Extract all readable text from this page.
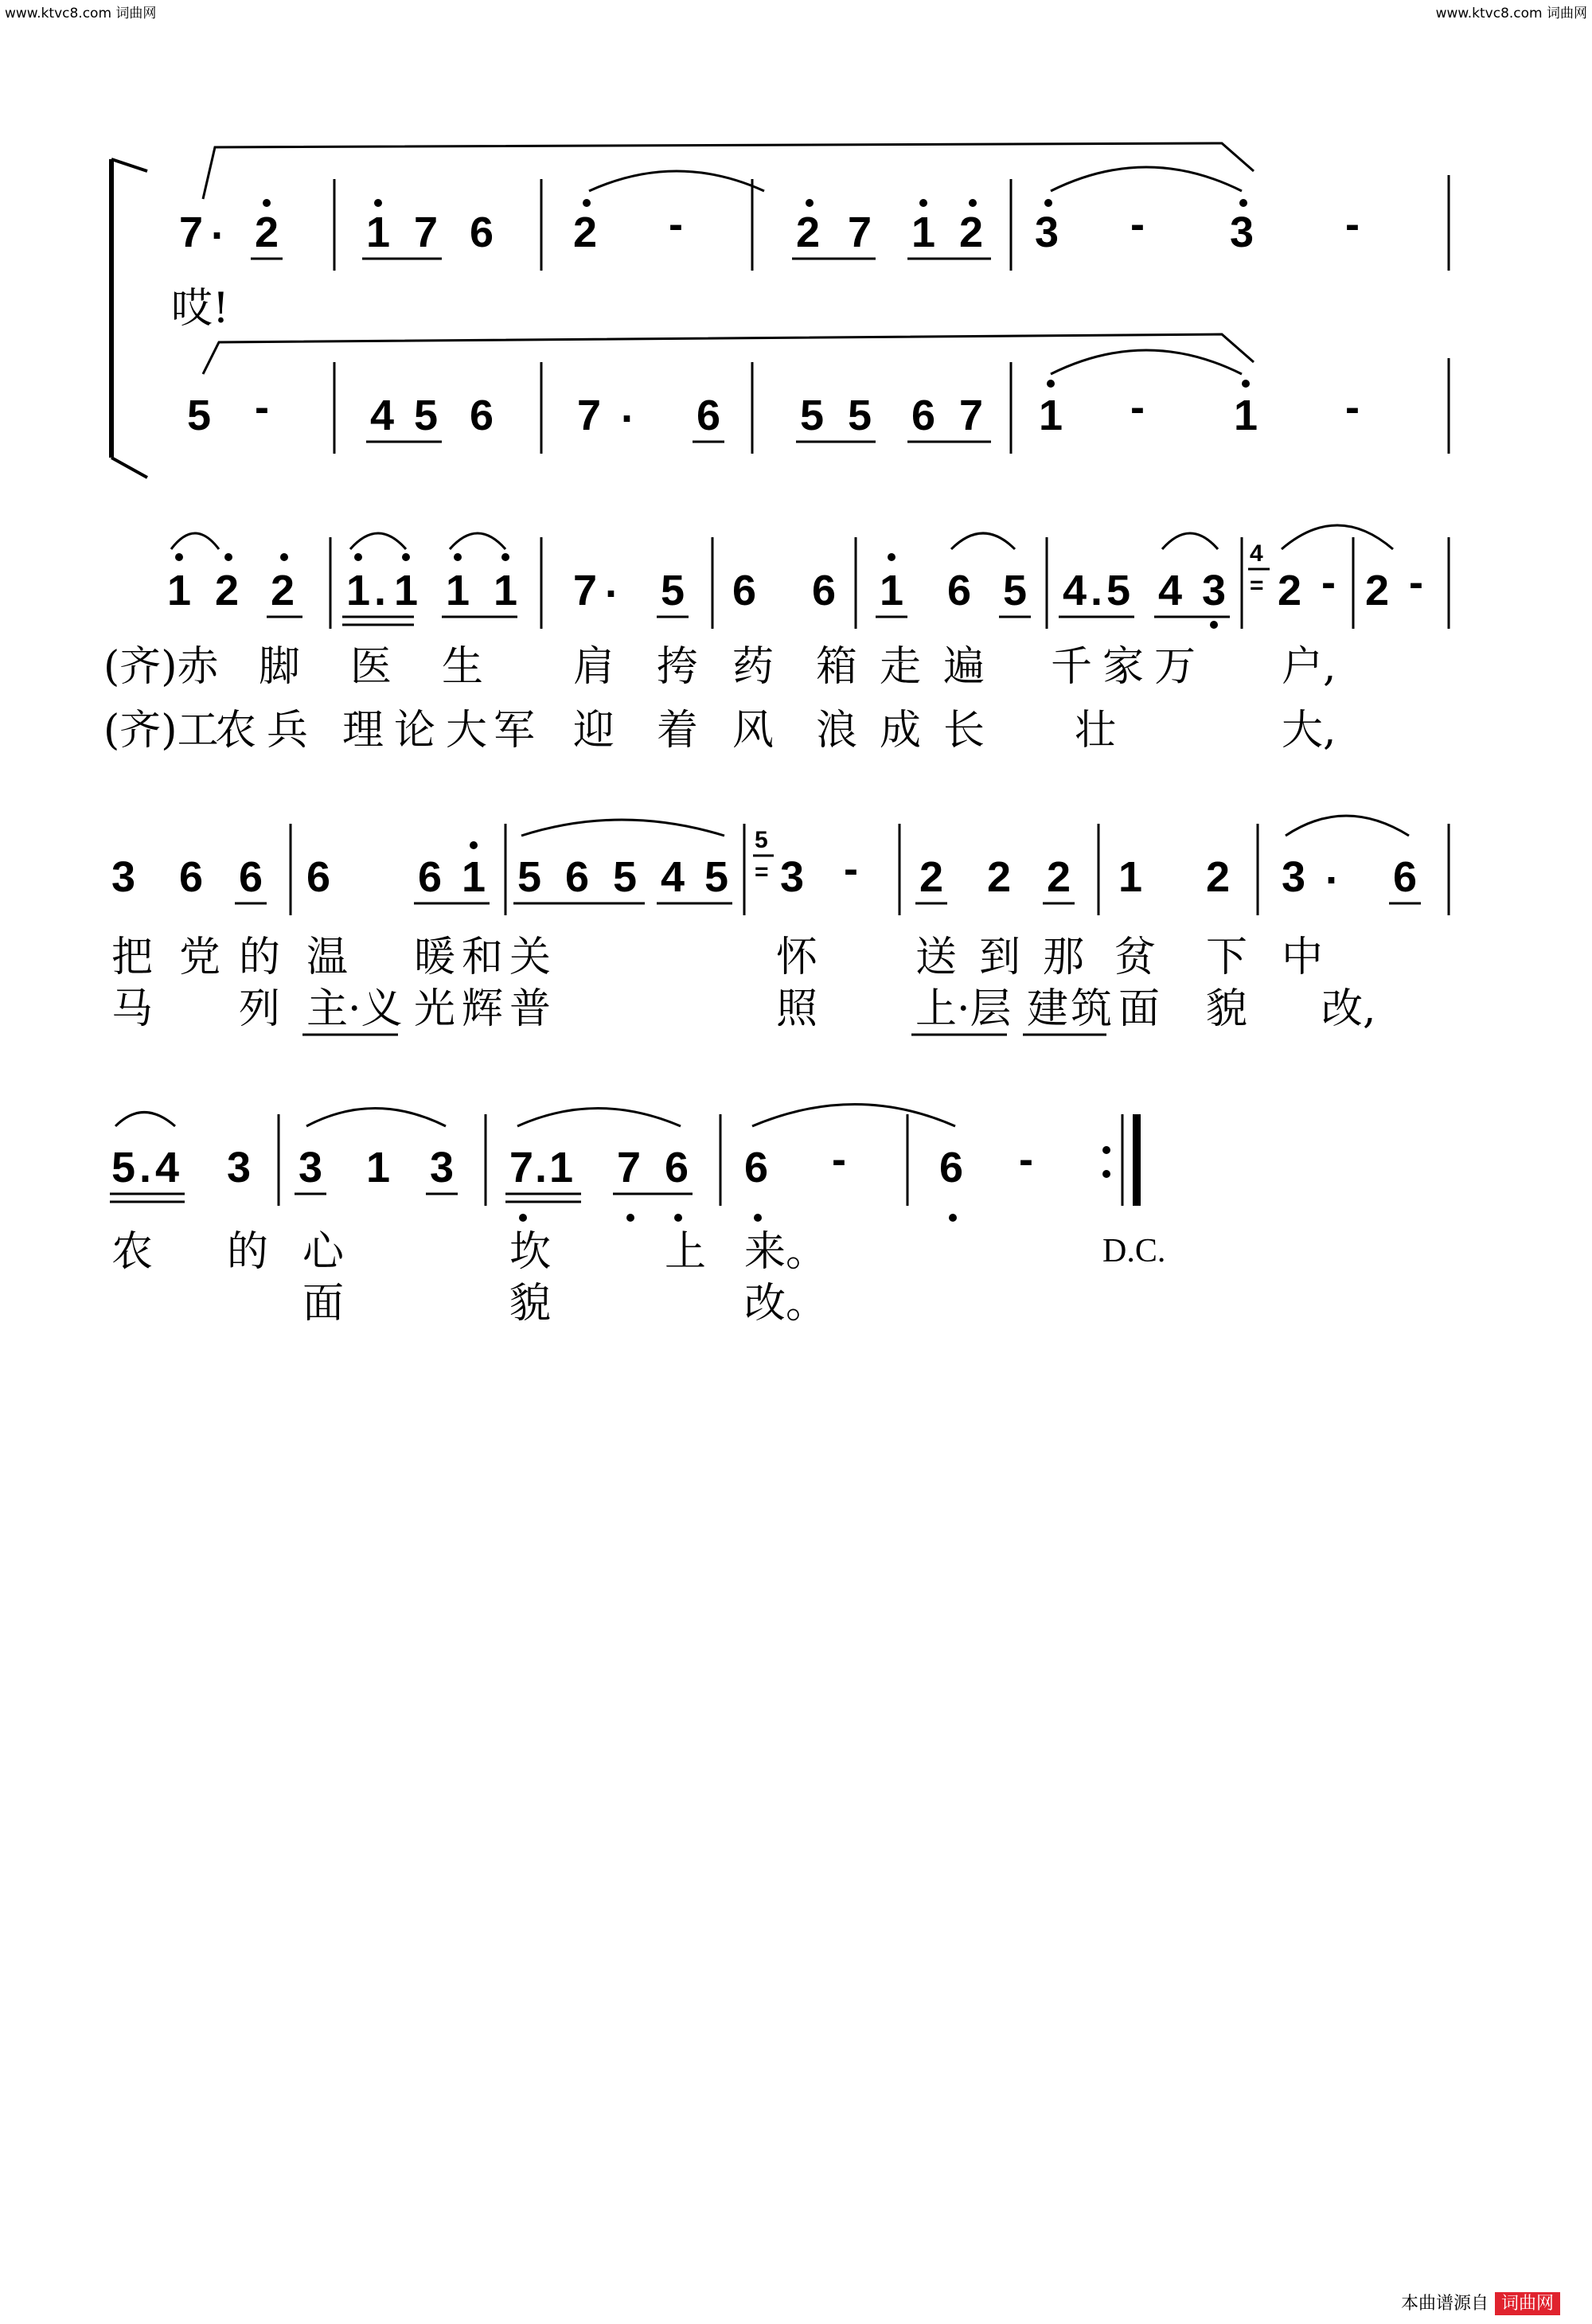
www.ktvc8.com 词曲网	www.ktvc8.com 词曲网
7 . 2 1 7 6 2 -	2 7 1 2 3 - 3 -
哎!
5 - 4 5 6 7 . 6 5 5 6 7 1 - 1 -
1 2 2 1 . 1 1 1 7 . 5 6 6 1 6 5 4 . 5 4 3
4
= 2 - 2 -
(齐)赤 脚 医 生 肩 挎 药 箱 走 遍 千 家 万 户,
(齐)工
农 兵 理 论 大 军 迎 着 风 浪 成 长 壮	大,
3 6 6 6 6 1 5 6 5 4 5
5
= 3 - 2 2 2 1 2 3 . 6
把 党 的 温 暖 和 关	怀 送 到 那 贫 下 中
马 列 主·义 光 辉 普	照 上·层 建 筑 面 貌 改,
5 . 4 3 3 1 3 7 . 1 7 6 6 - 6 -
农 的 心	坎	上 来。	D.C.
面	貌	改。
本曲谱源自 词曲网
